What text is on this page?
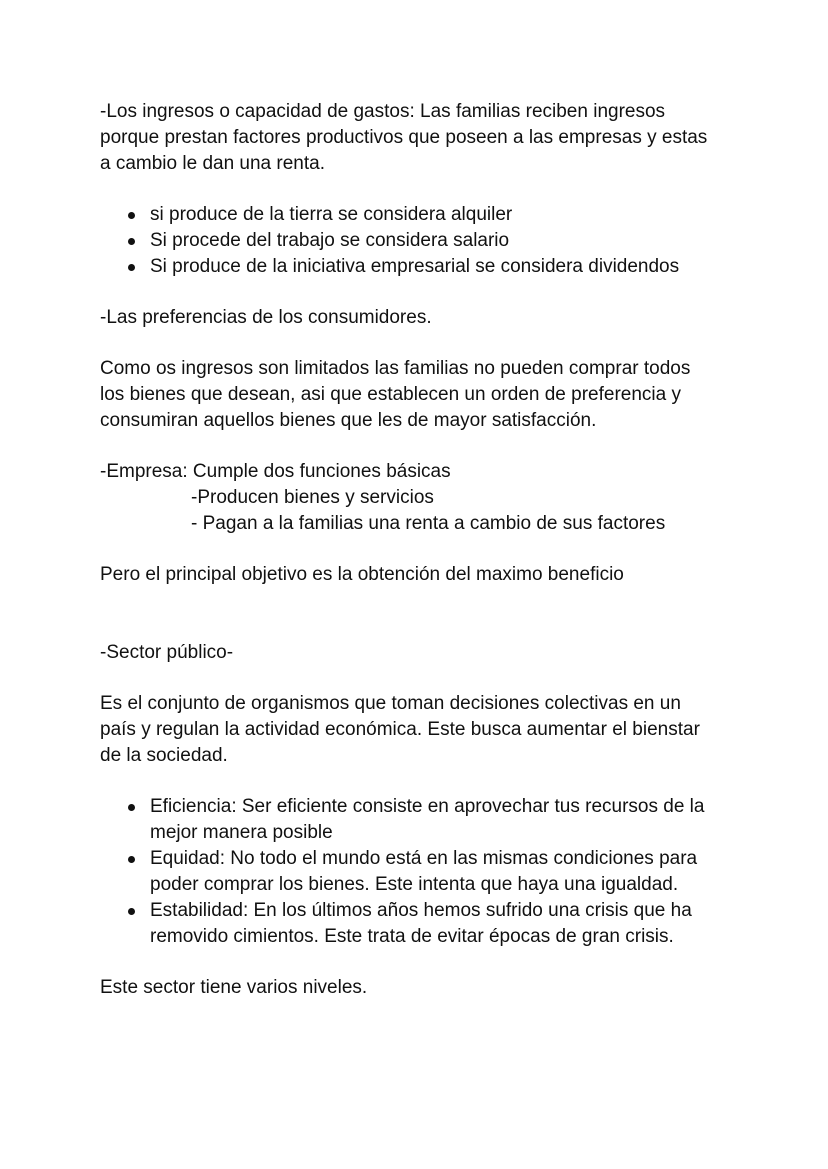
-Los ingresos o capacidad de gastos: Las familias reciben ingresos
porque prestan factores productivos que poseen a las empresas y estas
a cambio le dan una renta.
si produce de la tierra se considera alquiler
Si procede del trabajo se considera salario
Si produce de la iniciativa empresarial se considera dividendos
-Las preferencias de los consumidores.
Como os ingresos son limitados las familias no pueden comprar todos
los bienes que desean, asi que establecen un orden de preferencia y
consumiran aquellos bienes que les de mayor satisfacción.
-Empresa: Cumple dos funciones básicas
-Producen bienes y servicios
- Pagan a la familias una renta a cambio de sus factores
Pero el principal objetivo es la obtención del maximo beneficio
-Sector público-
Es el conjunto de organismos que toman decisiones colectivas en un
país y regulan la actividad económica. Este busca aumentar el bienstar
de la sociedad.
Eficiencia: Ser eficiente consiste en aprovechar tus recursos de la
mejor manera posible
Equidad: No todo el mundo está en las mismas condiciones para
poder comprar los bienes. Este intenta que haya una igualdad.
Estabilidad: En los últimos años hemos sufrido una crisis que ha
removido cimientos. Este trata de evitar épocas de gran crisis.
Este sector tiene varios niveles.
